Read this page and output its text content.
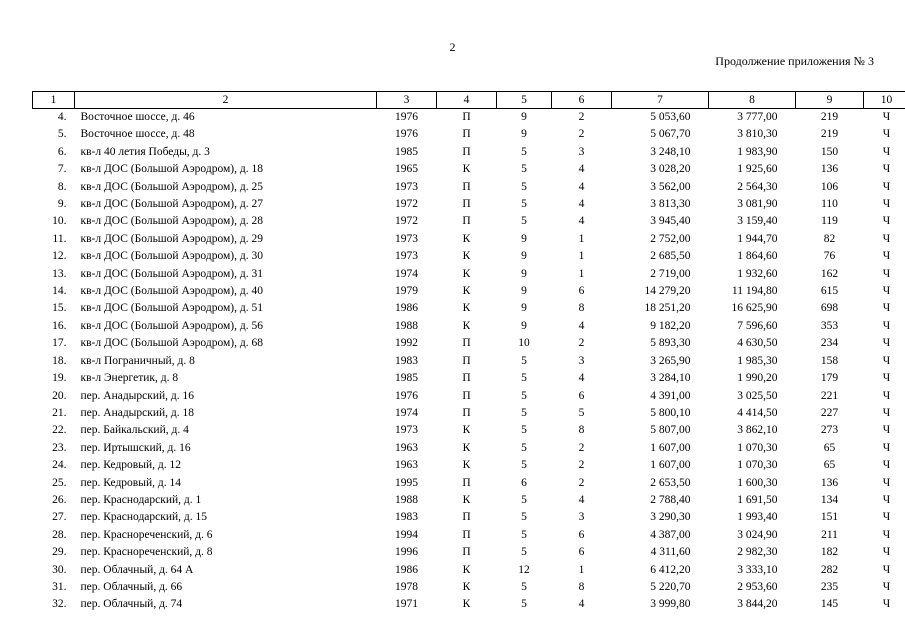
2
Продолжение приложения № 3
1	2	3	4	5	6	7	8	9	10
4.	Восточное шоссе, д. 46	1976	П	9	2	5 053,60	3 777,00	219	Ч
5.	Восточное шоссе, д. 48	1976	П	9	2	5 067,70	3 810,30	219	Ч
6.	кв-л 40 летия Победы, д. 3	1985	П	5	3	3 248,10	1 983,90	150	Ч
7.	кв-л ДОС (Большой Аэродром), д. 18	1965	К	5	4	3 028,20	1 925,60	136	Ч
8.	кв-л ДОС (Большой Аэродром), д. 25	1973	П	5	4	3 562,00	2 564,30	106	Ч
9.	кв-л ДОС (Большой Аэродром), д. 27	1972	П	5	4	3 813,30	3 081,90	110	Ч
10.	кв-л ДОС (Большой Аэродром), д. 28	1972	П	5	4	3 945,40	3 159,40	119	Ч
11.	кв-л ДОС (Большой Аэродром), д. 29	1973	К	9	1	2 752,00	1 944,70	82	Ч
12.	кв-л ДОС (Большой Аэродром), д. 30	1973	К	9	1	2 685,50	1 864,60	76	Ч
13.	кв-л ДОС (Большой Аэродром), д. 31	1974	К	9	1	2 719,00	1 932,60	162	Ч
14.	кв-л ДОС (Большой Аэродром), д. 40	1979	К	9	6	14 279,20	11 194,80	615	Ч
15.	кв-л ДОС (Большой Аэродром), д. 51	1986	К	9	8	18 251,20	16 625,90	698	Ч
16.	кв-л ДОС (Большой Аэродром), д. 56	1988	К	9	4	9 182,20	7 596,60	353	Ч
17.	кв-л ДОС (Большой Аэродром), д. 68	1992	П	10	2	5 893,30	4 630,50	234	Ч
18.	кв-л Пограничный, д. 8	1983	П	5	3	3 265,90	1 985,30	158	Ч
19.	кв-л Энергетик, д. 8	1985	П	5	4	3 284,10	1 990,20	179	Ч
20.	пер. Анадырский, д. 16	1976	П	5	6	4 391,00	3 025,50	221	Ч
21.	пер. Анадырский, д. 18	1974	П	5	5	5 800,10	4 414,50	227	Ч
22.	пер. Байкальский, д. 4	1973	К	5	8	5 807,00	3 862,10	273	Ч
23.	пер. Иртышский, д. 16	1963	К	5	2	1 607,00	1 070,30	65	Ч
24.	пер. Кедровый, д. 12	1963	К	5	2	1 607,00	1 070,30	65	Ч
25.	пер. Кедровый, д. 14	1995	П	6	2	2 653,50	1 600,30	136	Ч
26.	пер. Краснодарский, д. 1	1988	К	5	4	2 788,40	1 691,50	134	Ч
27.	пер. Краснодарский, д. 15	1983	П	5	3	3 290,30	1 993,40	151	Ч
28.	пер. Краснореченский, д. 6	1994	П	5	6	4 387,00	3 024,90	211	Ч
29.	пер. Краснореченский, д. 8	1996	П	5	6	4 311,60	2 982,30	182	Ч
30.	пер. Облачный, д. 64 А	1986	К	12	1	6 412,20	3 333,10	282	Ч
31.	пер. Облачный, д. 66	1978	К	5	8	5 220,70	2 953,60	235	Ч
32.	пер. Облачный, д. 74	1971	К	5	4	3 999,80	3 844,20	145	Ч
